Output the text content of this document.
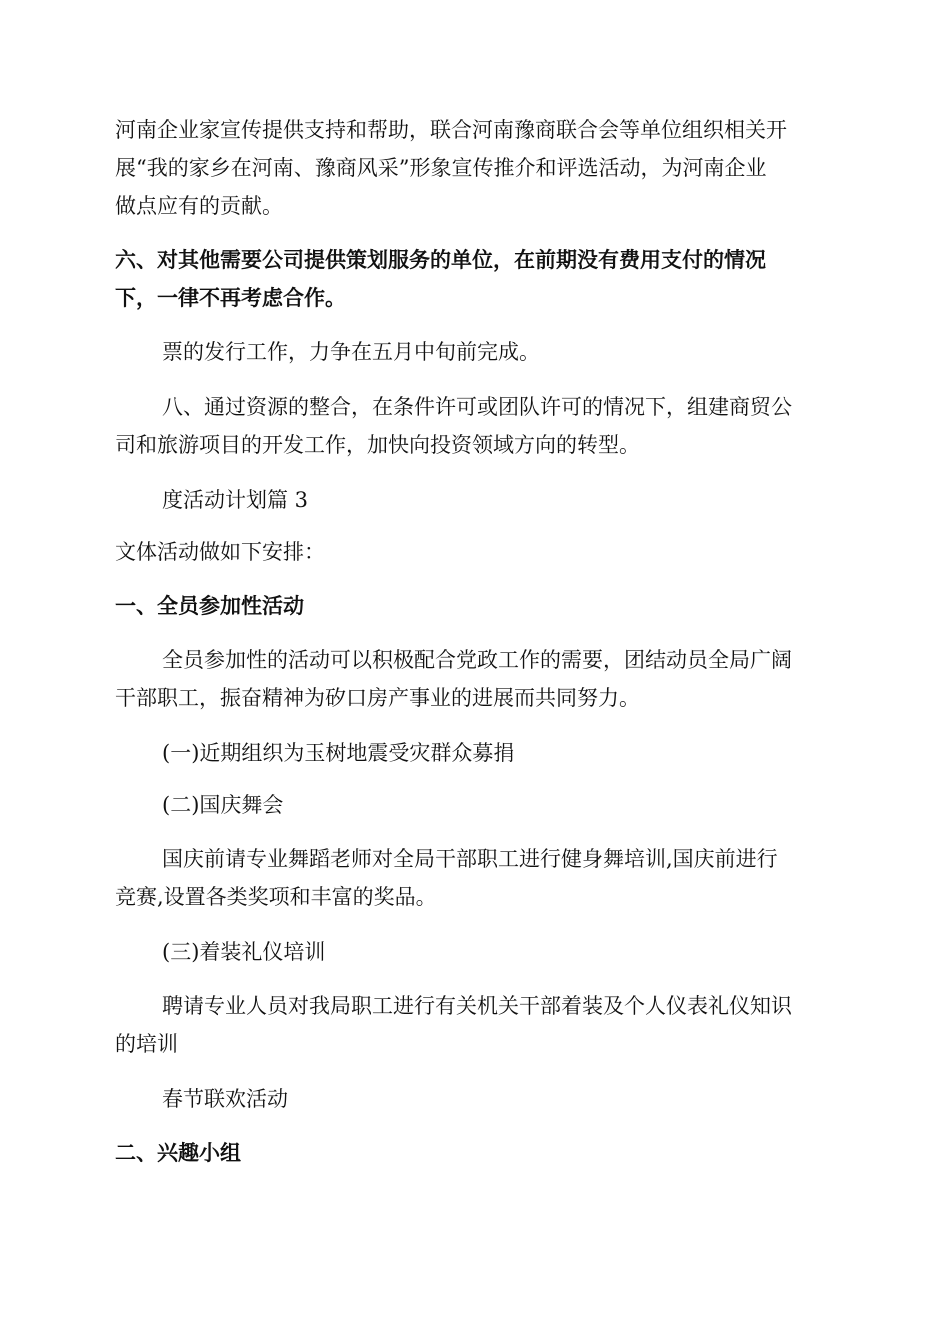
河南企业家宣传提供支持和帮助，联合河南豫商联合会等单位组织相关开
展“我的家乡在河南、豫商风采”形象宣传推介和评选活动，为河南企业
做点应有的贡献。
六、对其他需要公司提供策划服务的单位，在前期没有费用支付的情况
下，一律不再考虑合作。
票的发行工作，力争在五月中旬前完成。
八、通过资源的整合，在条件许可或团队许可的情况下，组建商贸公
司和旅游项目的开发工作，加快向投资领域方向的转型。
度活动计划篇 3
文体活动做如下安排：
一、全员参加性活动
全员参加性的活动可以积极配合党政工作的需要，团结动员全局广阔
干部职工，振奋精神为矽口房产事业的进展而共同努力。
(一)近期组织为玉树地震受灾群众募捐
(二)国庆舞会
国庆前请专业舞蹈老师对全局干部职工进行健身舞培训,国庆前进行
竞赛,设置各类奖项和丰富的奖品。
(三)着装礼仪培训
聘请专业人员对我局职工进行有关机关干部着装及个人仪表礼仪知识
的培训
春节联欢活动
二、兴趣小组
